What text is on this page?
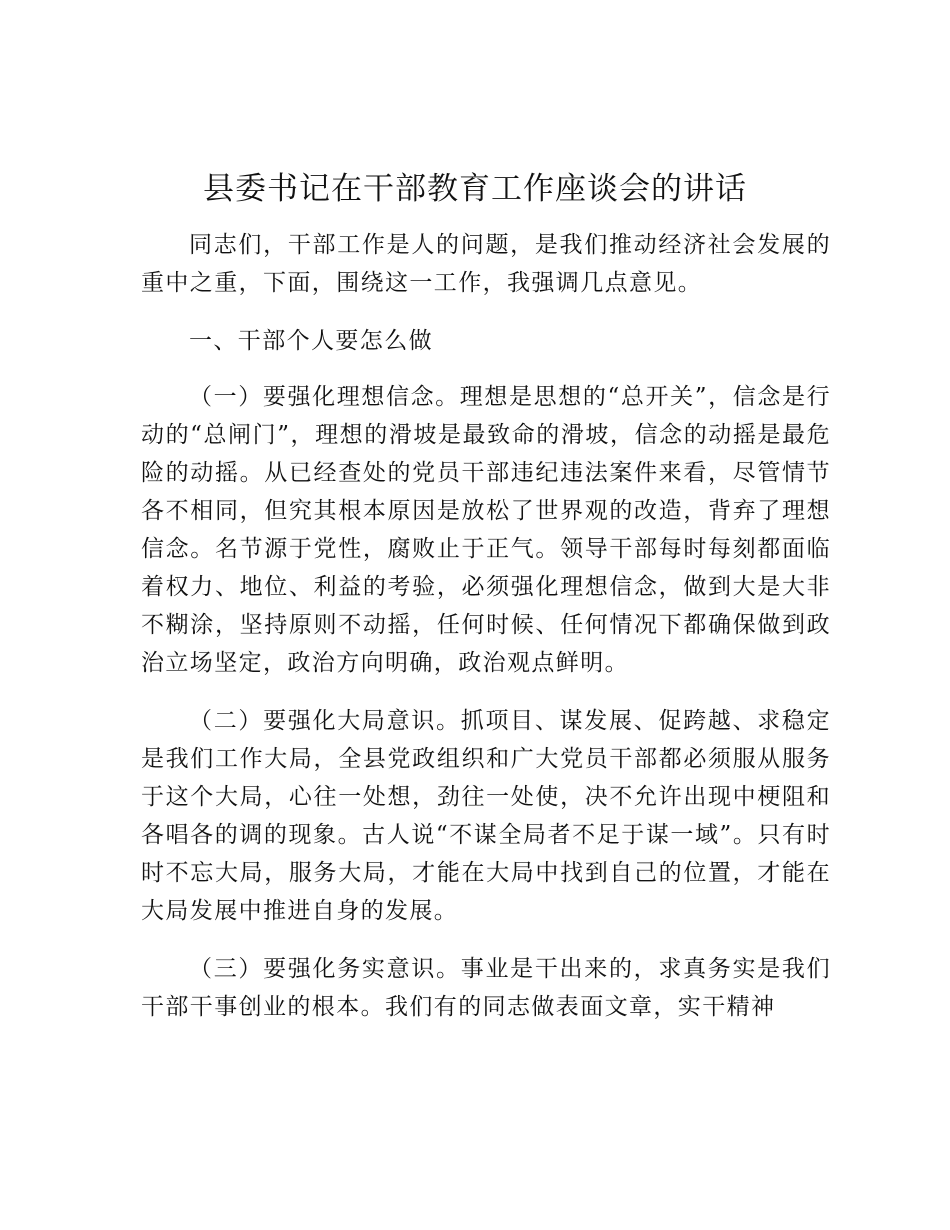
县委书记在干部教育工作座谈会的讲话

同志们，干部工作是人的问题，是我们推动经济社会发展的重中之重，下面，围绕这一工作，我强调几点意见。

一、干部个人要怎么做

（一）要强化理想信念。理想是思想的“总开关”，信念是行动的“总闸门”，理想的滑坡是最致命的滑坡，信念的动摇是最危险的动摇。从已经查处的党员干部违纪违法案件来看，尽管情节各不相同，但究其根本原因是放松了世界观的改造，背弃了理想信念。名节源于党性，腐败止于正气。领导干部每时每刻都面临着权力、地位、利益的考验，必须强化理想信念，做到大是大非不糊涂，坚持原则不动摇，任何时候、任何情况下都确保做到政治立场坚定，政治方向明确，政治观点鲜明。

（二）要强化大局意识。抓项目、谋发展、促跨越、求稳定是我们工作大局，全县党政组织和广大党员干部都必须服从服务于这个大局，心往一处想，劲往一处使，决不允许出现中梗阻和各唱各的调的现象。古人说“不谋全局者不足于谋一域”。只有时时不忘大局，服务大局，才能在大局中找到自己的位置，才能在大局发展中推进自身的发展。

（三）要强化务实意识。事业是干出来的，求真务实是我们干部干事创业的根本。我们有的同志做表面文章，实干精神
